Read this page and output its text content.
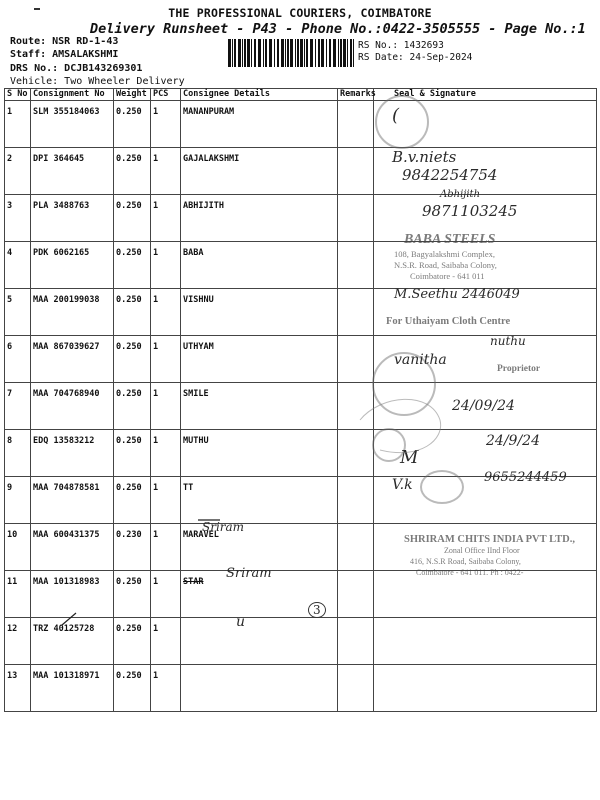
THE PROFESSIONAL COURIERS, COIMBATORE
Delivery Runsheet - P43 - Phone No.:0422-3505555 - Page No.:1
Route: NSR RD-1-43
Staff: AMSALAKSHMI
DRS No.: DCJB143269301
Vehicle: Two Wheeler Delivery
RS No.: 1432693
RS Date: 24-Sep-2024
S No	Consignment No	Weight	PCS	Consignee Details	Remarks	Seal & Signature
1	SLM 355184063	0.250	1	MANANPURAM		
2	DPI 364645	0.250	1	GAJALAKSHMI		
3	PLA 3488763	0.250	1	ABHIJITH		
4	PDK 6062165	0.250	1	BABA		
5	MAA 200199038	0.250	1	VISHNU		
6	MAA 867039627	0.250	1	UTHYAM		
7	MAA 704768940	0.250	1	SMILE		
8	EDQ 13583212	0.250	1	MUTHU		
9	MAA 704878581	0.250	1	TT		
10	MAA 600431375	0.230	1	MARAVEL		
11	MAA 101318983	0.250	1	STAR		
12	TRZ 40125728	0.250	1			
13	MAA 101318971	0.250	1			
(
B.v.niets
9842254754
Abhijith
9871103245
BABA STEELS
108, Bagyalakshmi Complex,
N.S.R. Road, Saibaba Colony,
Coimbatore - 641 011
M.Seethu 2446049
For Uthaiyam Cloth Centre
nuthu
vanitha
Proprietor
24/09/24
24/9/24
M
9655244459
V.k
Sriram
SHRIRAM CHITS INDIA PVT LTD.,
Zonal Office IInd Floor
416, N.S.R Road, Saibaba Colony,
Coimbatore - 641 011. Ph : 0422-
Sriram
u
3
